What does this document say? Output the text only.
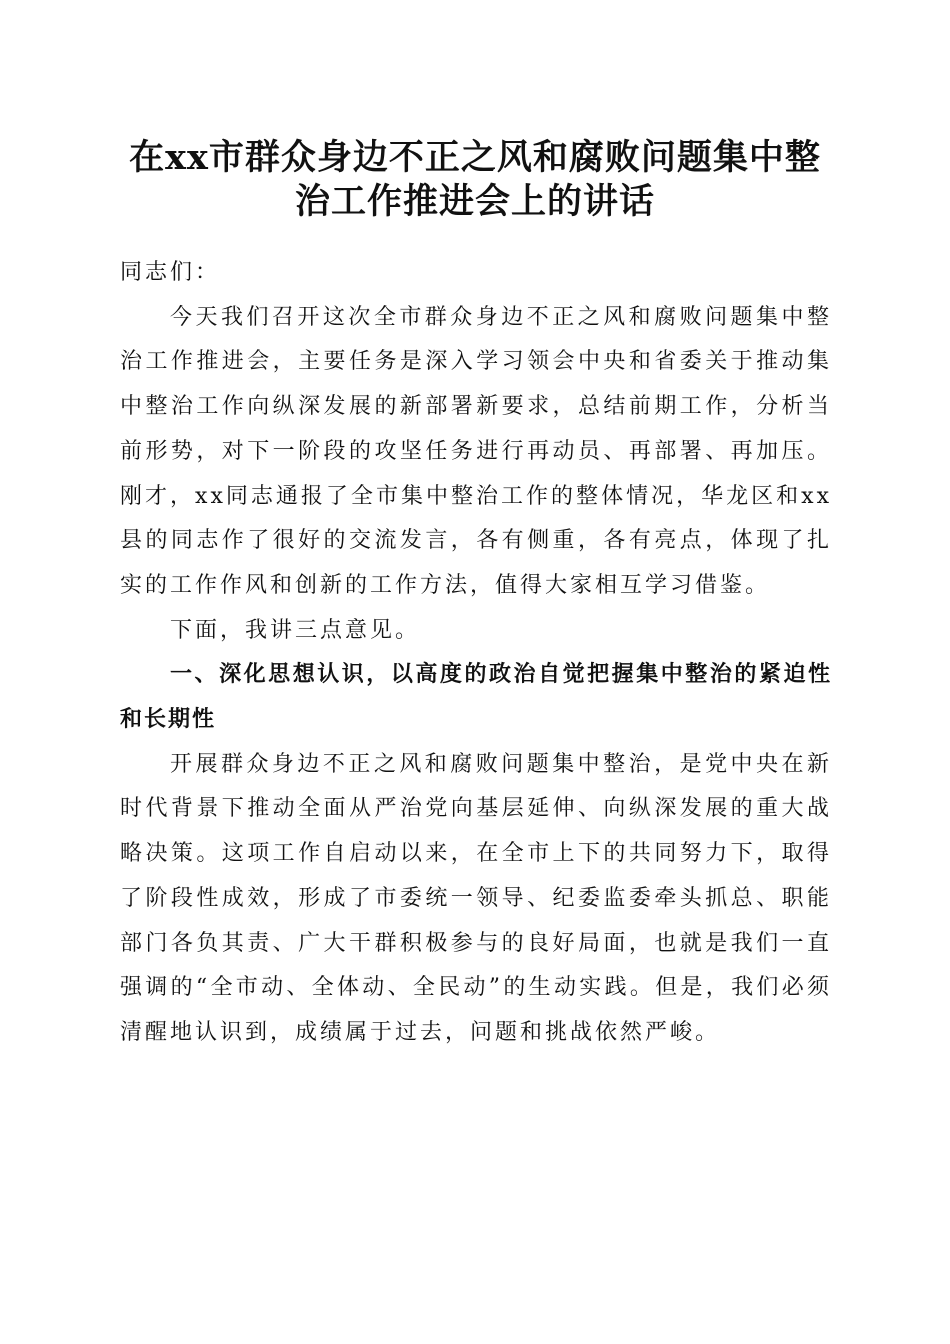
在xx市群众身边不正之风和腐败问题集中整
治工作推进会上的讲话

同志们：

今天我们召开这次全市群众身边不正之风和腐败问题集中整治工作推进会，主要任务是深入学习领会中央和省委关于推动集中整治工作向纵深发展的新部署新要求，总结前期工作，分析当前形势，对下一阶段的攻坚任务进行再动员、再部署、再加压。刚才，xx同志通报了全市集中整治工作的整体情况，华龙区和xx县的同志作了很好的交流发言，各有侧重，各有亮点，体现了扎实的工作作风和创新的工作方法，值得大家相互学习借鉴。

下面，我讲三点意见。

一、深化思想认识，以高度的政治自觉把握集中整治的紧迫性和长期性

开展群众身边不正之风和腐败问题集中整治，是党中央在新时代背景下推动全面从严治党向基层延伸、向纵深发展的重大战略决策。这项工作自启动以来，在全市上下的共同努力下，取得了阶段性成效，形成了市委统一领导、纪委监委牵头抓总、职能部门各负其责、广大干群积极参与的良好局面，也就是我们一直强调的“全市动、全体动、全民动”的生动实践。但是，我们必须清醒地认识到，成绩属于过去，问题和挑战依然严峻。
